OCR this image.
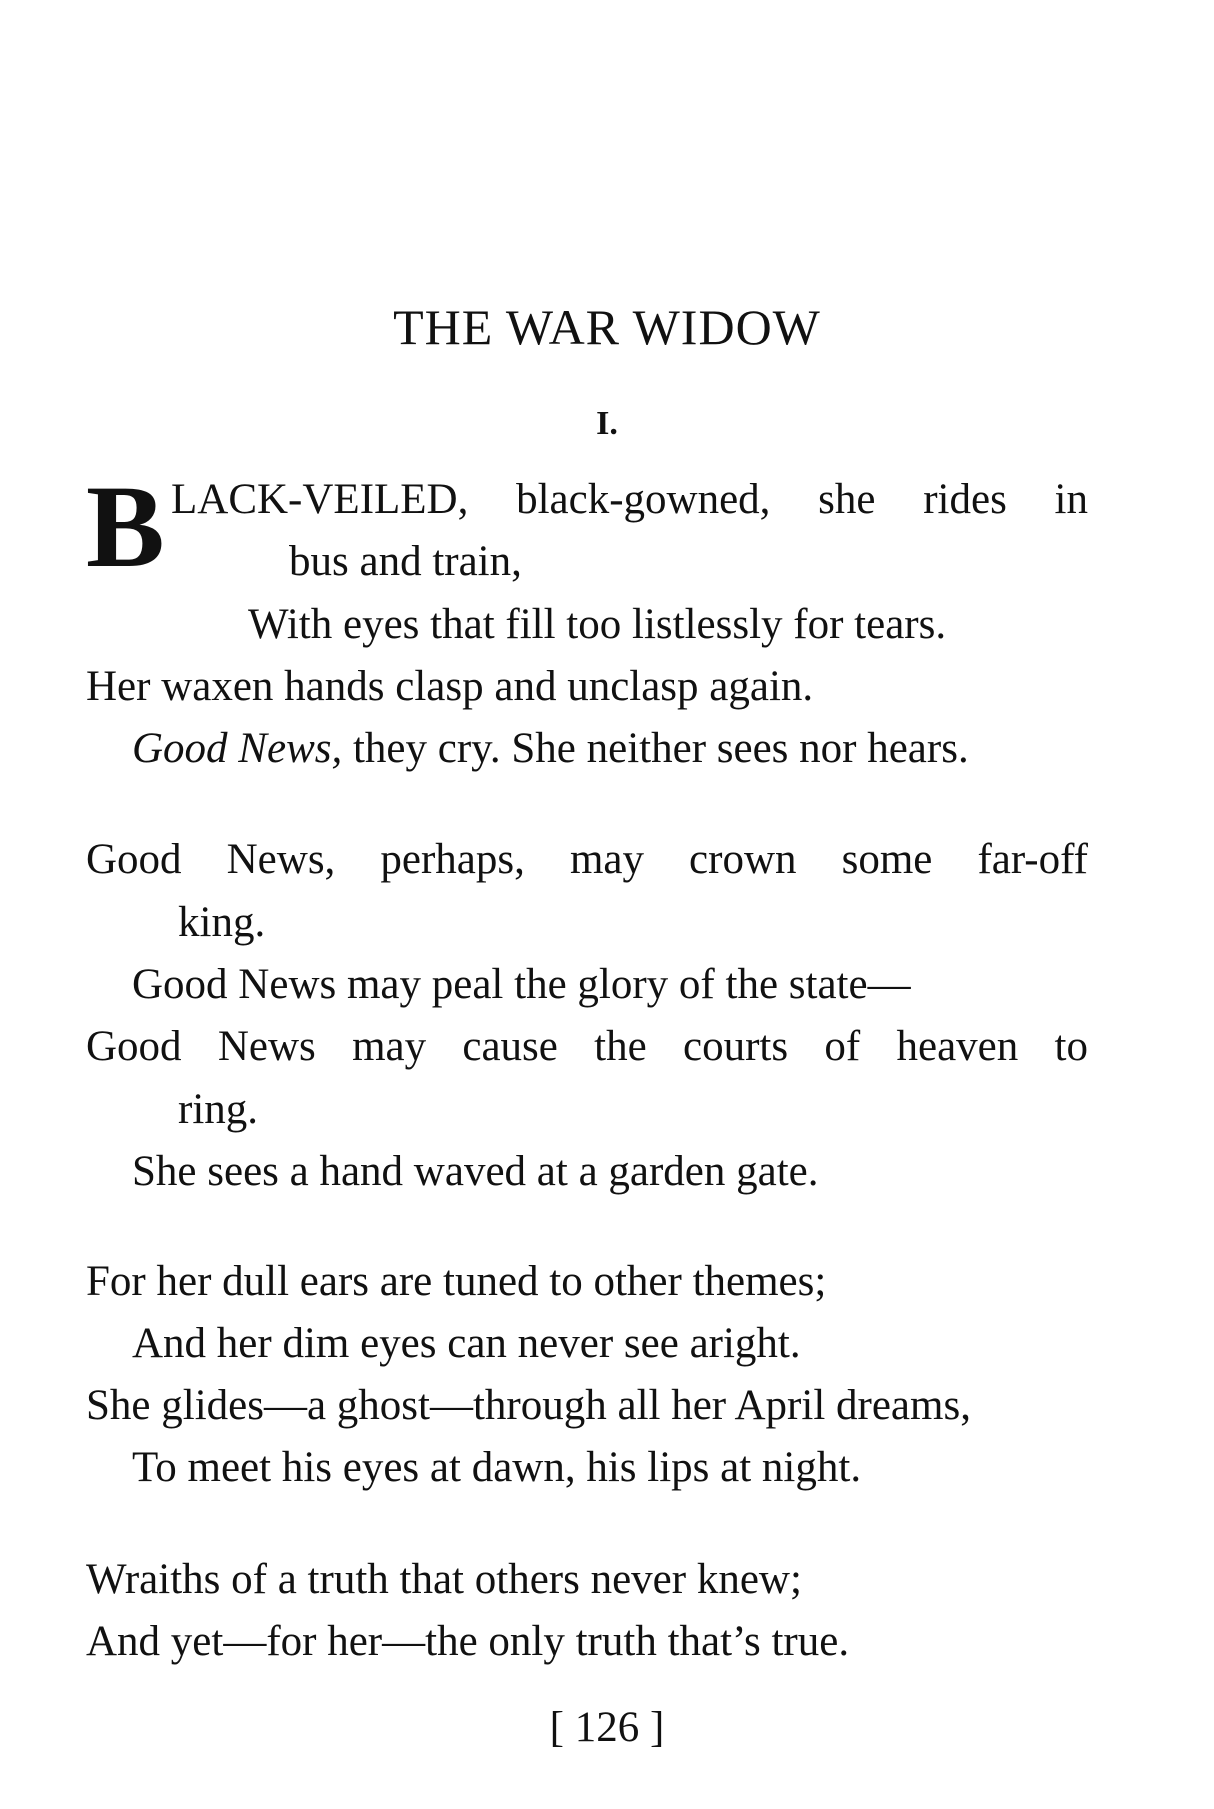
THE WAR WIDOW
I.
B LACK-VEILED, black-gowned, she rides in
bus and train,
With eyes that fill too listlessly for tears.
Her waxen hands clasp and unclasp again.
Good News, they cry. She neither sees nor hears.
Good News, perhaps, may crown some far-off
king.
Good News may peal the glory of the state—
Good News may cause the courts of heaven to
ring.
She sees a hand waved at a garden gate.
For her dull ears are tuned to other themes;
And her dim eyes can never see aright.
She glides—a ghost—through all her April dreams,
To meet his eyes at dawn, his lips at night.
Wraiths of a truth that others never knew;
And yet—for her—the only truth that’s true.
[ 126 ]
